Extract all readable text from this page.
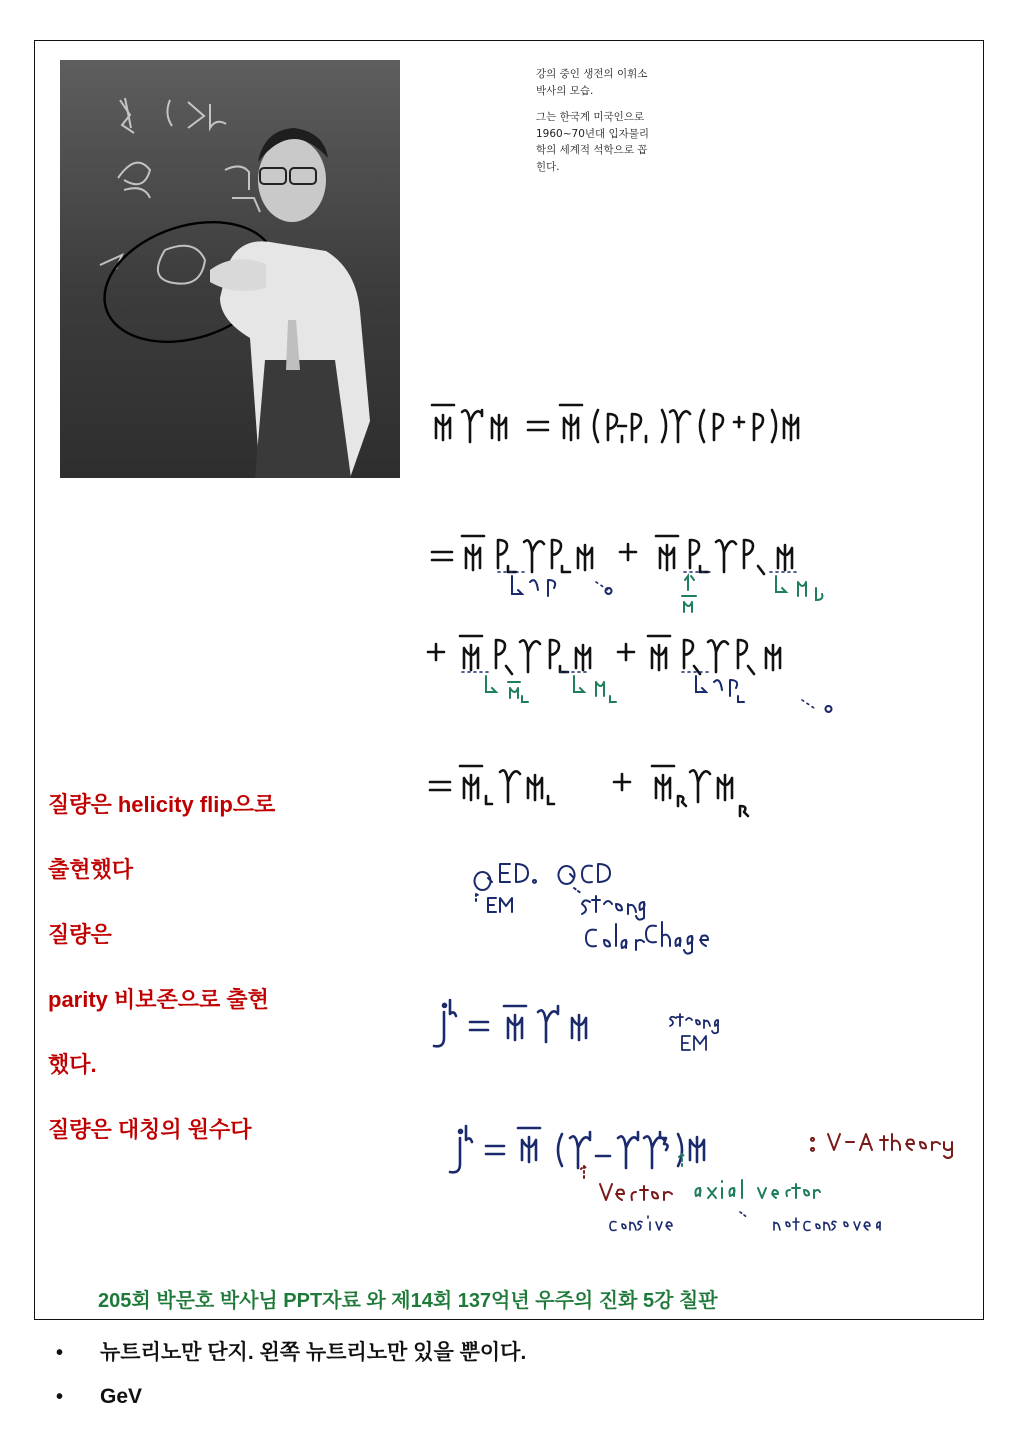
강의 중인 생전의 이휘소 박사의 모습.

그는 한국계 미국인으로 1960~70년대 입자물리학의 세계적 석학으로 꼽힌다.

질량은 helicity flip으로
출현했다
질량은
parity 비보존으로 출현
했다.
질량은 대칭의 원수다
205회 박문호 박사님 PPT자료 와 제14회 137억년 우주의 진화 5강 칠판
• 뉴트리노만 단지. 왼쪽 뉴트리노만 있을 뿐이다.
• GeV
